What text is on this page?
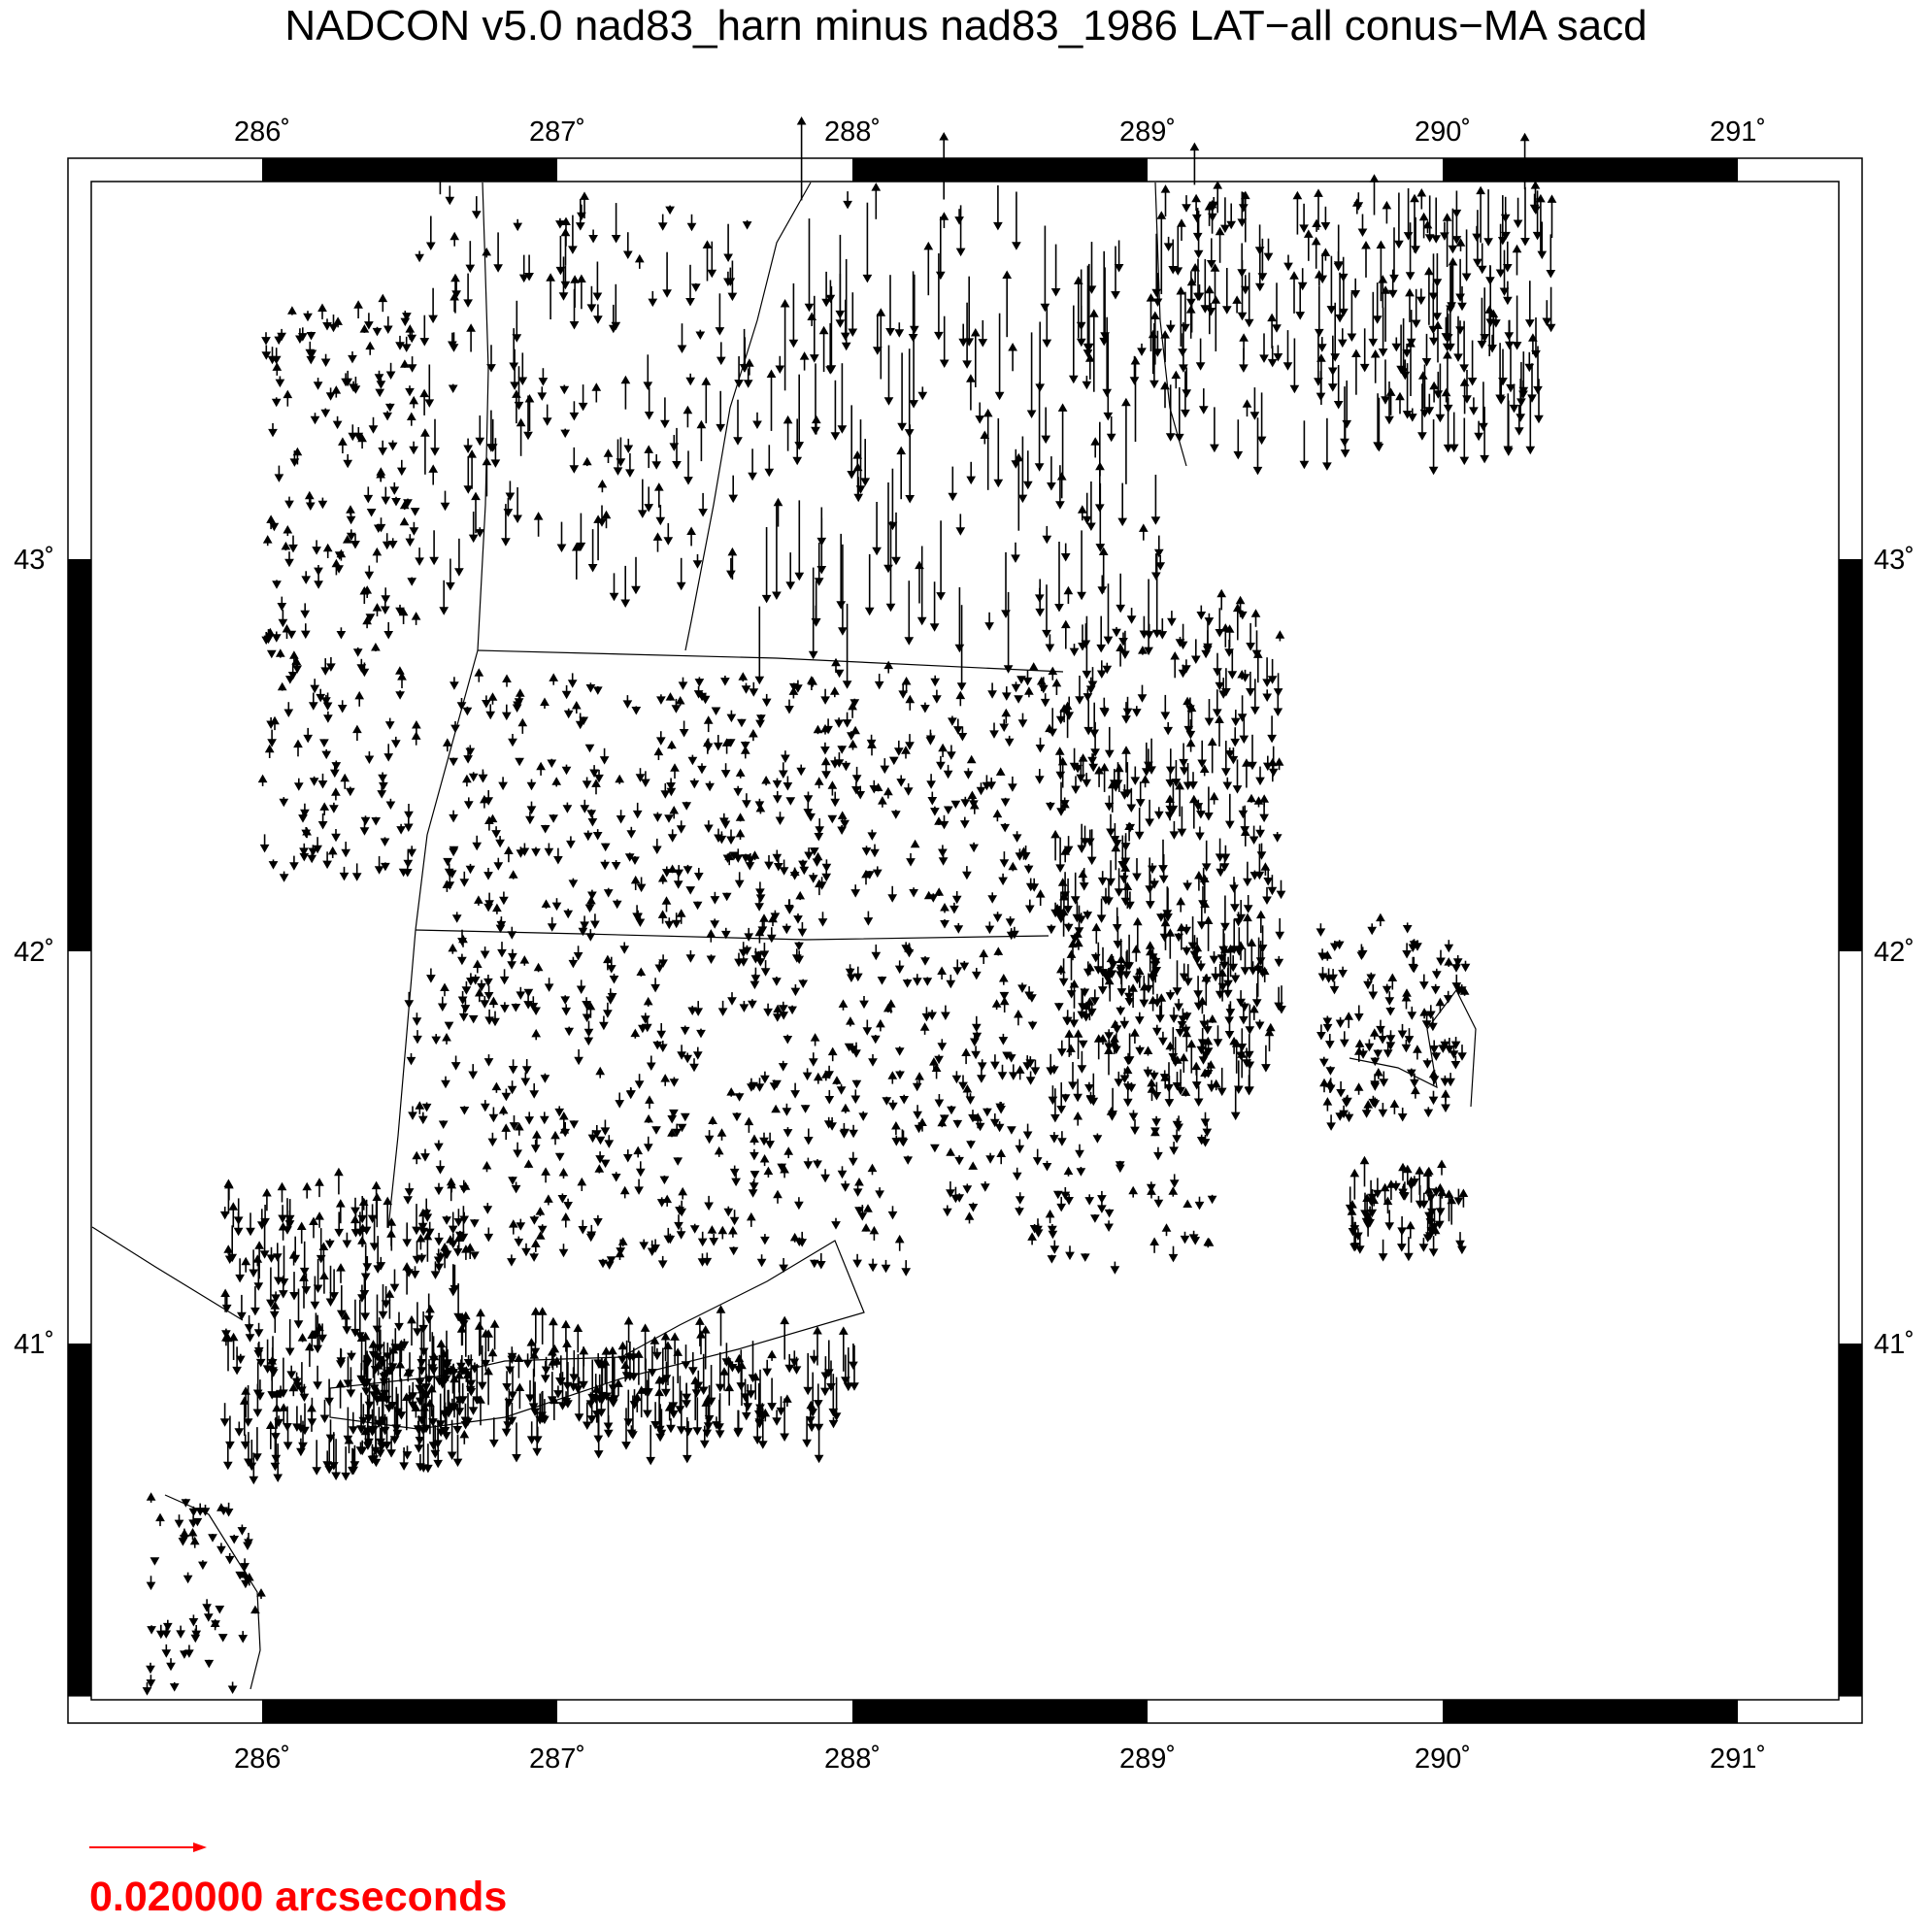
NADCON v5.0 nad83_harn minus nad83_1986 LAT−all conus−MA sacd
286˚
286˚
287˚
287˚
288˚
288˚
289˚
289˚
290˚
290˚
291˚
291˚
41˚	41˚
42˚	42˚
43˚	43˚
0.020000 arcseconds
